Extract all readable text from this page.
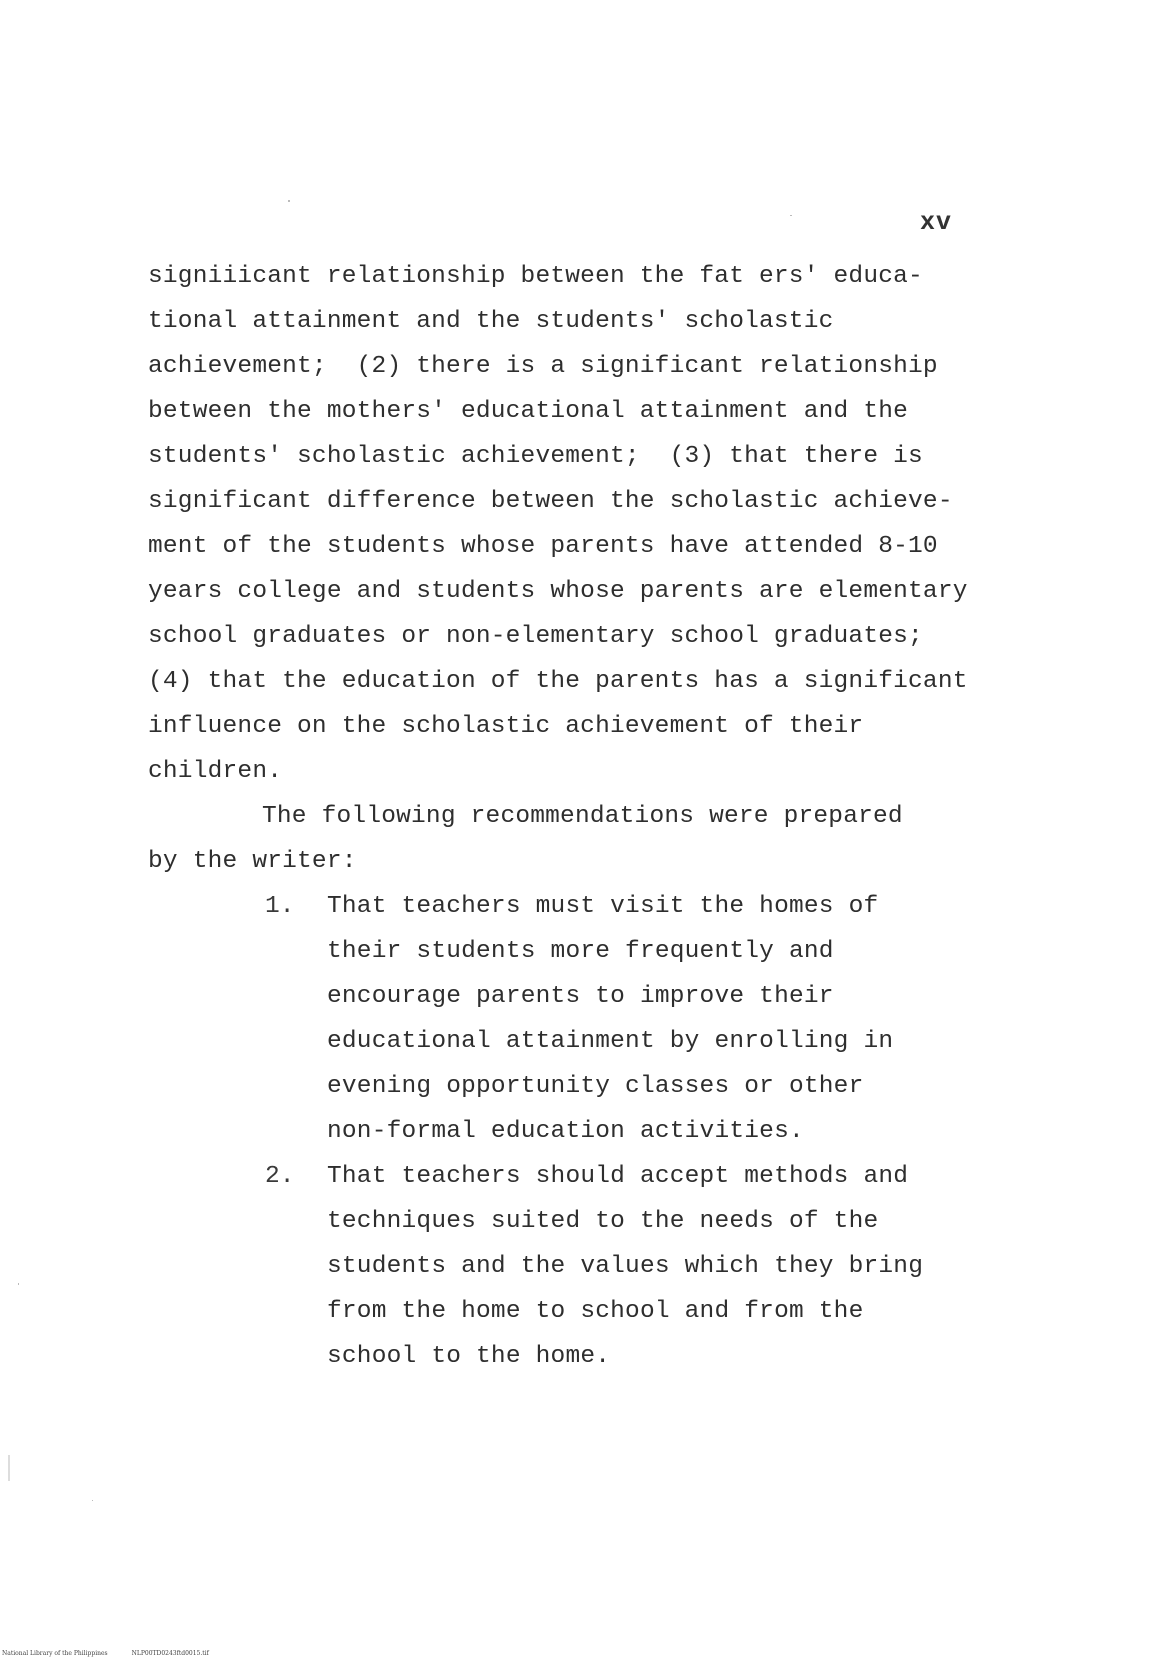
xv
signiiicant relationship between the fat ers' educa-
tional attainment and the students' scholastic
achievement;  (2) there is a significant relationship
between the mothers' educational attainment and the
students' scholastic achievement;  (3) that there is
significant difference between the scholastic achieve-
ment of the students whose parents have attended 8-10
years college and students whose parents are elementary
school graduates or non-elementary school graduates;
(4) that the education of the parents has a significant
influence on the scholastic achievement of their
children.
The following recommendations were prepared
by the writer:
1. That teachers must visit the homes of
their students more frequently and
encourage parents to improve their
educational attainment by enrolling in
evening opportunity classes or other
non-formal education activities.
2. That teachers should accept methods and
techniques suited to the needs of the
students and the values which they bring
from the home to school and from the
school to the home.
National Library of the Philippines	NLP00TD0243ftd0015.tif
